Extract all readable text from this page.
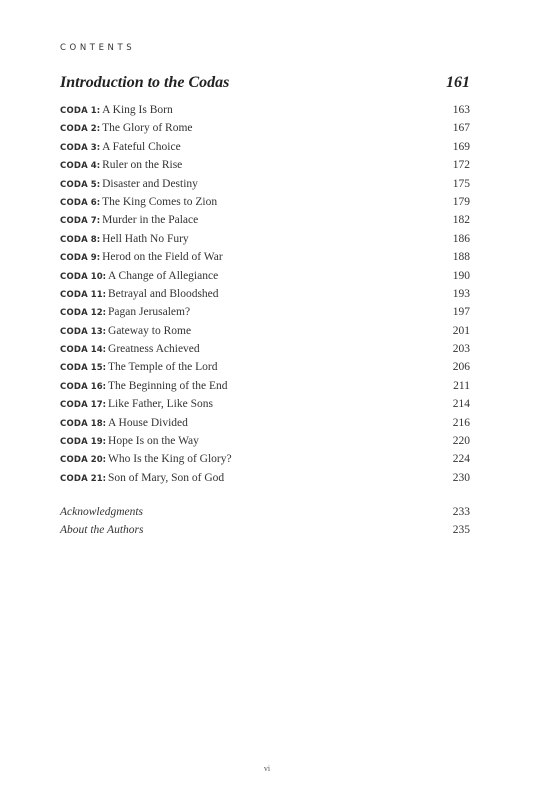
CONTENTS
Introduction to the Codas	161
CODA 1: A King Is Born	163
CODA 2: The Glory of Rome	167
CODA 3: A Fateful Choice	169
CODA 4: Ruler on the Rise	172
CODA 5: Disaster and Destiny	175
CODA 6: The King Comes to Zion	179
CODA 7: Murder in the Palace	182
CODA 8: Hell Hath No Fury	186
CODA 9: Herod on the Field of War	188
CODA 10: A Change of Allegiance	190
CODA 11: Betrayal and Bloodshed	193
CODA 12: Pagan Jerusalem?	197
CODA 13: Gateway to Rome	201
CODA 14: Greatness Achieved	203
CODA 15: The Temple of the Lord	206
CODA 16: The Beginning of the End	211
CODA 17: Like Father, Like Sons	214
CODA 18: A House Divided	216
CODA 19: Hope Is on the Way	220
CODA 20: Who Is the King of Glory?	224
CODA 21: Son of Mary, Son of God	230
Acknowledgments	233
About the Authors	235
vi
